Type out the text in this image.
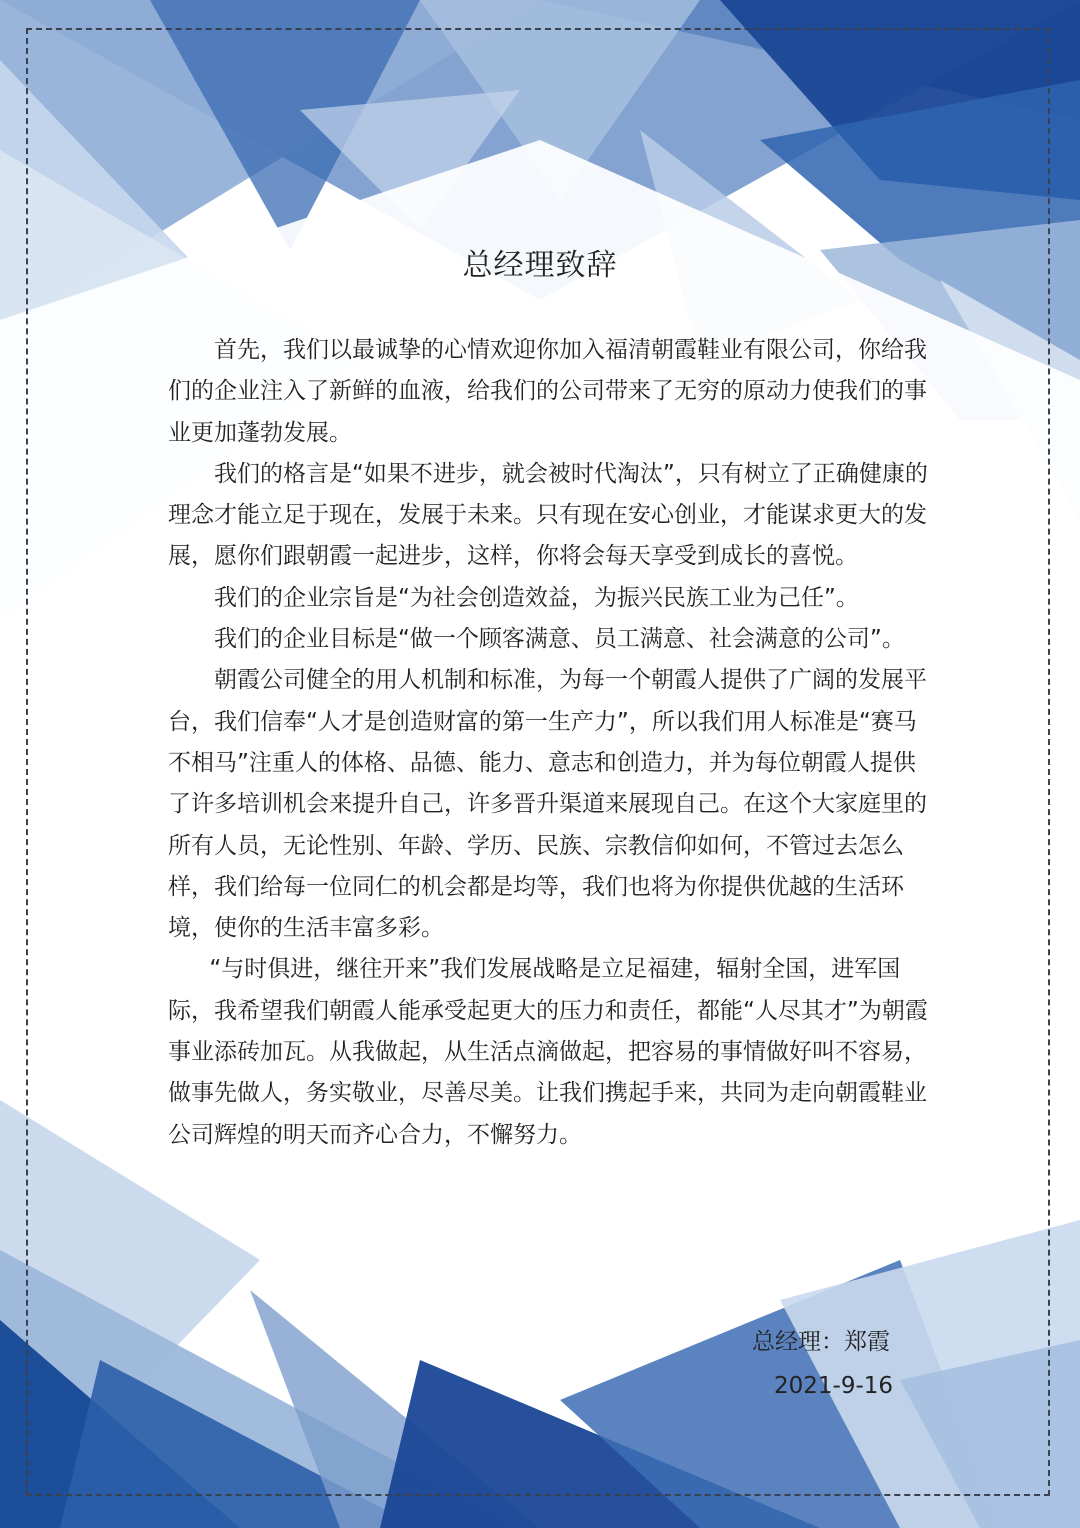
总经理致辞

首先，我们以最诚挚的心情欢迎你加入福清朝霞鞋业有限公司，你给我们的企业注入了新鲜的血液，给我们的公司带来了无穷的原动力使我们的事业更加蓬勃发展。

我们的格言是“如果不进步，就会被时代淘汰”，只有树立了正确健康的理念才能立足于现在，发展于未来。只有现在安心创业，才能谋求更大的发展，愿你们跟朝霞一起进步，这样，你将会每天享受到成长的喜悦。

我们的企业宗旨是“为社会创造效益，为振兴民族工业为己任”。

我们的企业目标是“做一个顾客满意、员工满意、社会满意的公司”。

朝霞公司健全的用人机制和标准，为每一个朝霞人提供了广阔的发展平台，我们信奉“人才是创造财富的第一生产力”，所以我们用人标准是“赛马不相马”注重人的体格、品德、能力、意志和创造力，并为每位朝霞人提供了许多培训机会来提升自己，许多晋升渠道来展现自己。在这个大家庭里的所有人员，无论性别、年龄、学历、民族、宗教信仰如何，不管过去怎么样，我们给每一位同仁的机会都是均等，我们也将为你提供优越的生活环境，使你的生活丰富多彩。

“与时俱进，继往开来”我们发展战略是立足福建，辐射全国，进军国际，我希望我们朝霞人能承受起更大的压力和责任，都能“人尽其才”为朝霞事业添砖加瓦。从我做起，从生活点滴做起，把容易的事情做好叫不容易，做事先做人，务实敬业，尽善尽美。让我们携起手来，共同为走向朝霞鞋业公司辉煌的明天而齐心合力，不懈努力。

总经理：郑霞
2021-9-16
